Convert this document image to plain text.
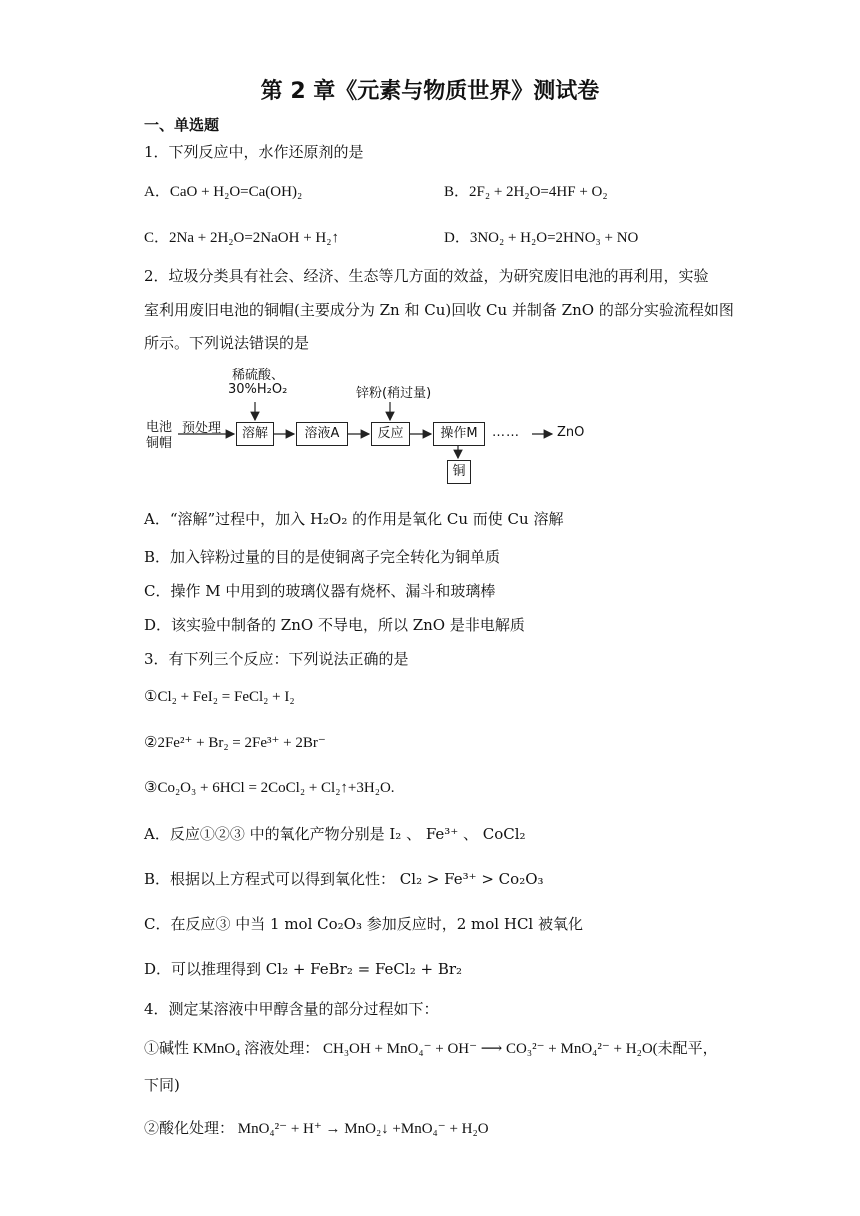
第 2 章《元素与物质世界》测试卷
一、单选题
1．下列反应中，水作还原剂的是
A．CaO + H₂O=Ca(OH)₂	B．2F₂ + 2H₂O=4HF + O₂
C．2Na + 2H₂O=2NaOH + H₂↑	D．3NO₂ + H₂O=2HNO₃ + NO
2．垃圾分类具有社会、经济、生态等几方面的效益，为研究废旧电池的再利用，实验
室利用废旧电池的铜帽(主要成分为 Zn 和 Cu)回收 Cu 并制备 ZnO 的部分实验流程如图
所示。下列说法错误的是
稀硫酸、
30%H₂O₂	锌粉(稍过量)
电池
铜帽
预处理	溶解	溶液A	反应	操作M
铜
……	ZnO
A．“溶解”过程中，加入 H₂O₂ 的作用是氧化 Cu 而使 Cu 溶解
B．加入锌粉过量的目的是使铜离子完全转化为铜单质
C．操作 M 中用到的玻璃仪器有烧杯、漏斗和玻璃棒
D．该实验中制备的 ZnO 不导电，所以 ZnO 是非电解质
3．有下列三个反应：下列说法正确的是
①Cl₂ + FeI₂ = FeCl₂ + I₂
②2Fe²⁺ + Br₂ = 2Fe³⁺ + 2Br⁻
③Co₂O₃ + 6HCl = 2CoCl₂ + Cl₂↑+3H₂O.
A．反应①②③ 中的氧化产物分别是 I₂ 、 Fe³⁺ 、 CoCl₂
B．根据以上方程式可以得到氧化性： Cl₂ > Fe³⁺ > Co₂O₃
C．在反应③ 中当 1 mol Co₂O₃ 参加反应时，2 mol HCl 被氧化
D．可以推理得到 Cl₂ + FeBr₂ = FeCl₂ + Br₂
4．测定某溶液中甲醇含量的部分过程如下：
①碱性 KMnO₄ 溶液处理： CH₃OH + MnO₄⁻ + OH⁻ ⟶ CO₃²⁻ + MnO₄²⁻ + H₂O(未配平，
下同)
②酸化处理： MnO₄²⁻ + H⁺ → MnO₂↓ +MnO₄⁻ + H₂O
